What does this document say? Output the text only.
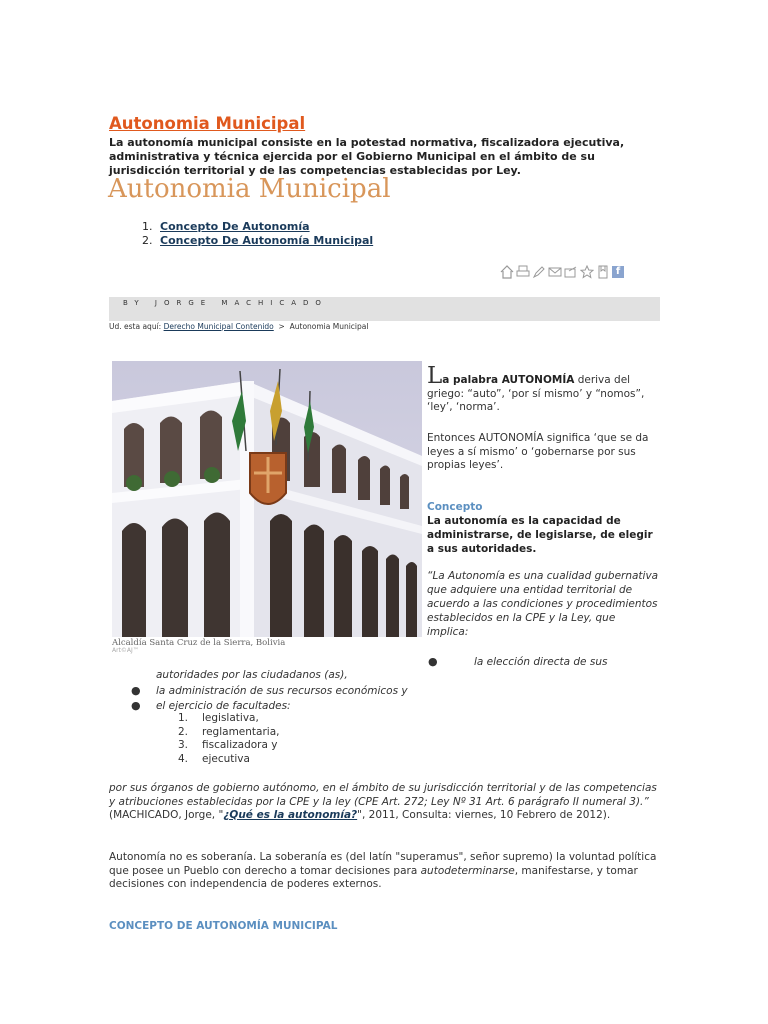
Autonomia Municipal
La autonomía municipal consiste en la potestad normativa, fiscalizadora ejecutiva, administrativa y técnica ejercida por el Gobierno Municipal en el ámbito de su jurisdicción territorial y de las competencias establecidas por Ley.
Autonomia Municipal
1. Concepto De Autonomía
2. Concepto De Autonomía Municipal
f
BY JORGE MACHICADO
Ud. esta aquí: Derecho Municipal Contenido > Autonomia Municipal
Alcaldía Santa Cruz de la Sierra, Bolivia
Art©AJ™
La palabra AUTONOMÍA deriva del griego: “auto”, ‘por sí mismo’ y “nomos”, ‘ley’, ‘norma’.
Entonces AUTONOMÍA significa ‘que se da leyes a sí mismo’ o ‘gobernarse por sus propias leyes’.
Concepto
La autonomía es la capacidad de administrarse, de legislarse, de elegir a sus autoridades.
“La Autonomía es una cualidad gubernativa que adquiere una entidad territorial de acuerdo a las condiciones y procedimientos establecidos en la CPE y la Ley, que implica:
●	la elección directa de sus
autoridades por las ciudadanos (as),
● la administración de sus recursos económicos y
● el ejercicio de facultades:
1. legislativa,
2. reglamentaria,
3. fiscalizadora y
4. ejecutiva
por sus órganos de gobierno autónomo, en el ámbito de su jurisdicción territorial y de las competencias y atribuciones establecidas por la CPE y la ley (CPE Art. 272; Ley Nº 31 Art. 6 parágrafo II numeral 3).” (MACHICADO, Jorge, "¿Qué es la autonomía?", 2011, Consulta: viernes, 10 Febrero de 2012).
Autonomía no es soberanía. La soberanía es (del latín "superamus", señor supremo) la voluntad política que posee un Pueblo con derecho a tomar decisiones para autodeterminarse, manifestarse, y tomar decisiones con independencia de poderes externos.
CONCEPTO DE AUTONOMÍA MUNICIPAL
